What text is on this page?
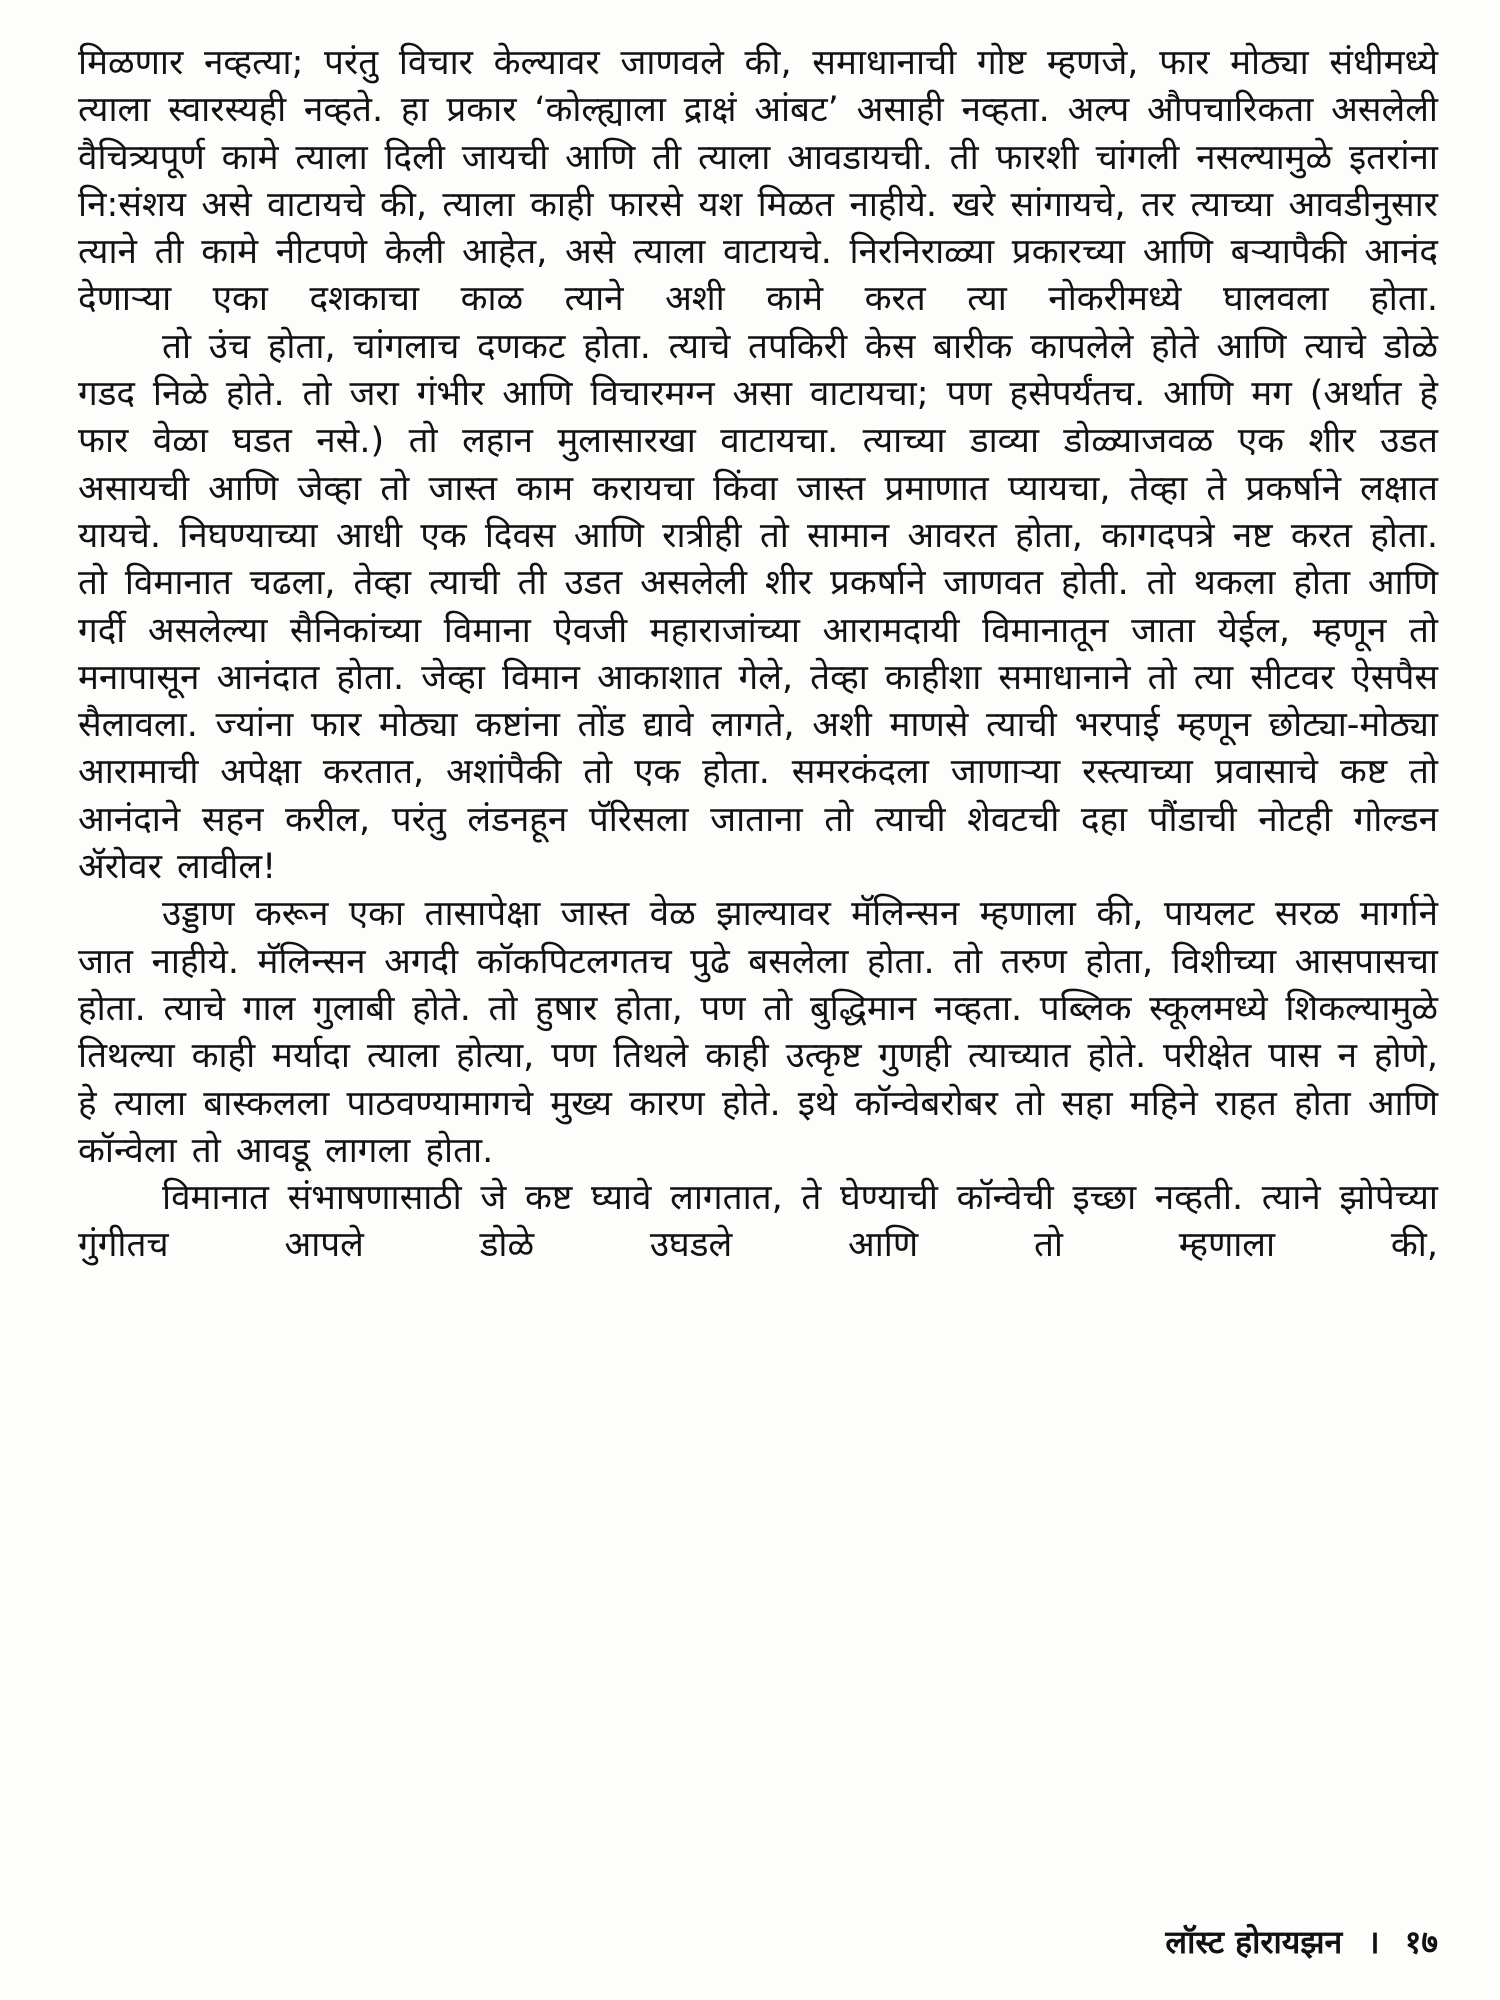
मिळणार नव्हत्या; परंतु विचार केल्यावर जाणवले की, समाधानाची गोष्ट म्हणजे, फार मोठ्या संधीमध्ये त्याला स्वारस्यही नव्हते. हा प्रकार ‘कोल्ह्याला द्राक्षं आंबट’ असाही नव्हता. अल्प औपचारिकता असलेली वैचित्र्यपूर्ण कामे त्याला दिली जायची आणि ती त्याला आवडायची. ती फारशी चांगली नसल्यामुळे इतरांना नि:संशय असे वाटायचे की, त्याला काही फारसे यश मिळत नाहीये. खरे सांगायचे, तर त्याच्या आवडीनुसार त्याने ती कामे नीटपणे केली आहेत, असे त्याला वाटायचे. निरनिराळ्या प्रकारच्या आणि बऱ्यापैकी आनंद देणाऱ्या एका दशकाचा काळ त्याने अशी कामे करत त्या नोकरीमध्ये घालवला होता.

तो उंच होता, चांगलाच दणकट होता. त्याचे तपकिरी केस बारीक कापलेले होते आणि त्याचे डोळे गडद निळे होते. तो जरा गंभीर आणि विचारमग्न असा वाटायचा; पण हसेपर्यंतच. आणि मग (अर्थात हे फार वेळा घडत नसे.) तो लहान मुलासारखा वाटायचा. त्याच्या डाव्या डोळ्याजवळ एक शीर उडत असायची आणि जेव्हा तो जास्त काम करायचा किंवा जास्त प्रमाणात प्यायचा, तेव्हा ते प्रकर्षाने लक्षात यायचे. निघण्याच्या आधी एक दिवस आणि रात्रीही तो सामान आवरत होता, कागदपत्रे नष्ट करत होता. तो विमानात चढला, तेव्हा त्याची ती उडत असलेली शीर प्रकर्षाने जाणवत होती. तो थकला होता आणि गर्दी असलेल्या सैनिकांच्या विमाना ऐवजी महाराजांच्या आरामदायी विमानातून जाता येईल, म्हणून तो मनापासून आनंदात होता. जेव्हा विमान आकाशात गेले, तेव्हा काहीशा समाधानाने तो त्या सीटवर ऐसपैस सैलावला. ज्यांना फार मोठ्या कष्टांना तोंड द्यावे लागते, अशी माणसे त्याची भरपाई म्हणून छोट्या-मोठ्या आरामाची अपेक्षा करतात, अशांपैकी तो एक होता. समरकंदला जाणाऱ्या रस्त्याच्या प्रवासाचे कष्ट तो आनंदाने सहन करील, परंतु लंडनहून पॅरिसला जाताना तो त्याची शेवटची दहा पौंडाची नोटही गोल्डन ॲरोवर लावील!

उड्डाण करून एका तासापेक्षा जास्त वेळ झाल्यावर मॅलिन्सन म्हणाला की, पायलट सरळ मार्गाने जात नाहीये. मॅलिन्सन अगदी कॉकपिटलगतच पुढे बसलेला होता. तो तरुण होता, विशीच्या आसपासचा होता. त्याचे गाल गुलाबी होते. तो हुषार होता, पण तो बुद्धिमान नव्हता. पब्लिक स्कूलमध्ये शिकल्यामुळे तिथल्या काही मर्यादा त्याला होत्या, पण तिथले काही उत्कृष्ट गुणही त्याच्यात होते. परीक्षेत पास न होणे, हे त्याला बास्कलला पाठवण्यामागचे मुख्य कारण होते. इथे कॉन्वेबरोबर तो सहा महिने राहत होता आणि कॉन्वेला तो आवडू लागला होता.

विमानात संभाषणासाठी जे कष्ट घ्यावे लागतात, ते घेण्याची कॉन्वेची इच्छा नव्हती. त्याने झोपेच्या गुंगीतच आपले डोळे उघडले आणि तो म्हणाला की,

लॉस्ट होरायझन । १७
